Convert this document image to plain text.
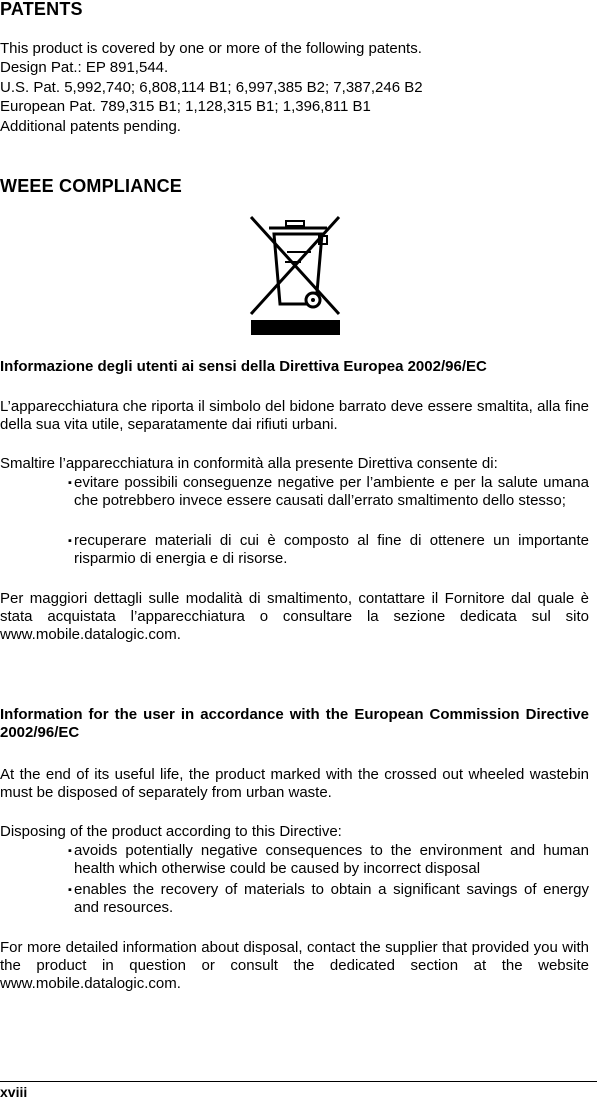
PATENTS
This product is covered by one or more of the following patents.
Design Pat.: EP 891,544.
U.S. Pat. 5,992,740; 6,808,114 B1; 6,997,385 B2; 7,387,246 B2
European Pat. 789,315 B1; 1,128,315 B1; 1,396,811 B1
Additional patents pending.
WEEE COMPLIANCE
Informazione degli utenti ai sensi della Direttiva Europea 2002/96/EC
L’apparecchiatura che riporta il simbolo del bidone barrato deve essere smaltita, alla fine della sua vita utile, separatamente dai rifiuti urbani.
Smaltire l’apparecchiatura in conformità alla presente Direttiva consente di:
▪ evitare possibili conseguenze negative per l’ambiente e per la salute umana che potrebbero invece essere causati dall’errato smaltimento dello stesso;
▪ recuperare materiali di cui è composto al fine di ottenere un importante risparmio di energia e di risorse.
Per maggiori dettagli sulle modalità di smaltimento, contattare il Fornitore dal quale è stata acquistata l’apparecchiatura o consultare la sezione dedicata sul sito www.mobile.datalogic.com.
Information for the user in accordance with the European Commission Directive 2002/96/EC
At the end of its useful life, the product marked with the crossed out wheeled wastebin must be disposed of separately from urban waste.
Disposing of the product according to this Directive:
▪ avoids potentially negative consequences to the environment and human health which otherwise could be caused by incorrect disposal
▪ enables the recovery of materials to obtain a significant savings of energy and resources.
For more detailed information about disposal, contact the supplier that provided you with the product in question or consult the dedicated section at the website www.mobile.datalogic.com.
xviii
